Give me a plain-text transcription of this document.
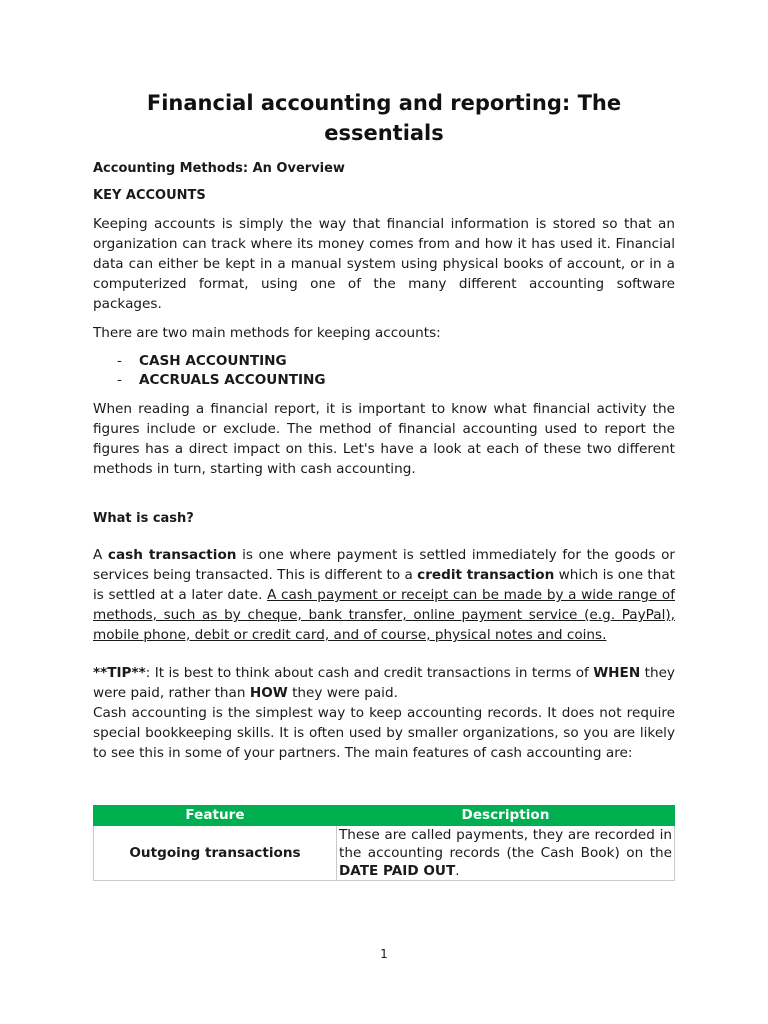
Financial accounting and reporting: The essentials
Accounting Methods: An Overview
KEY ACCOUNTS

Keeping accounts is simply the way that financial information is stored so that an organization can track where its money comes from and how it has used it. Financial data can either be kept in a manual system using physical books of account, or in a computerized format, using one of the many different accounting software packages.

There are two main methods for keeping accounts:

- CASH ACCOUNTING
- ACCRUALS ACCOUNTING

When reading a financial report, it is important to know what financial activity the figures include or exclude. The method of financial accounting used to report the figures has a direct impact on this. Let's have a look at each of these two different methods in turn, starting with cash accounting.

What is cash?

A cash transaction is one where payment is settled immediately for the goods or services being transacted. This is different to a credit transaction which is one that is settled at a later date. A cash payment or receipt can be made by a wide range of methods, such as by cheque, bank transfer, online payment service (e.g. PayPal), mobile phone, debit or credit card, and of course, physical notes and coins.

**TIP**: It is best to think about cash and credit transactions in terms of WHEN they were paid, rather than HOW they were paid.

Cash accounting is the simplest way to keep accounting records. It does not require special bookkeeping skills. It is often used by smaller organizations, so you are likely to see this in some of your partners. The main features of cash accounting are:

Feature	Description
Outgoing transactions	These are called payments, they are recorded in the accounting records (the Cash Book) on the DATE PAID OUT.
1
